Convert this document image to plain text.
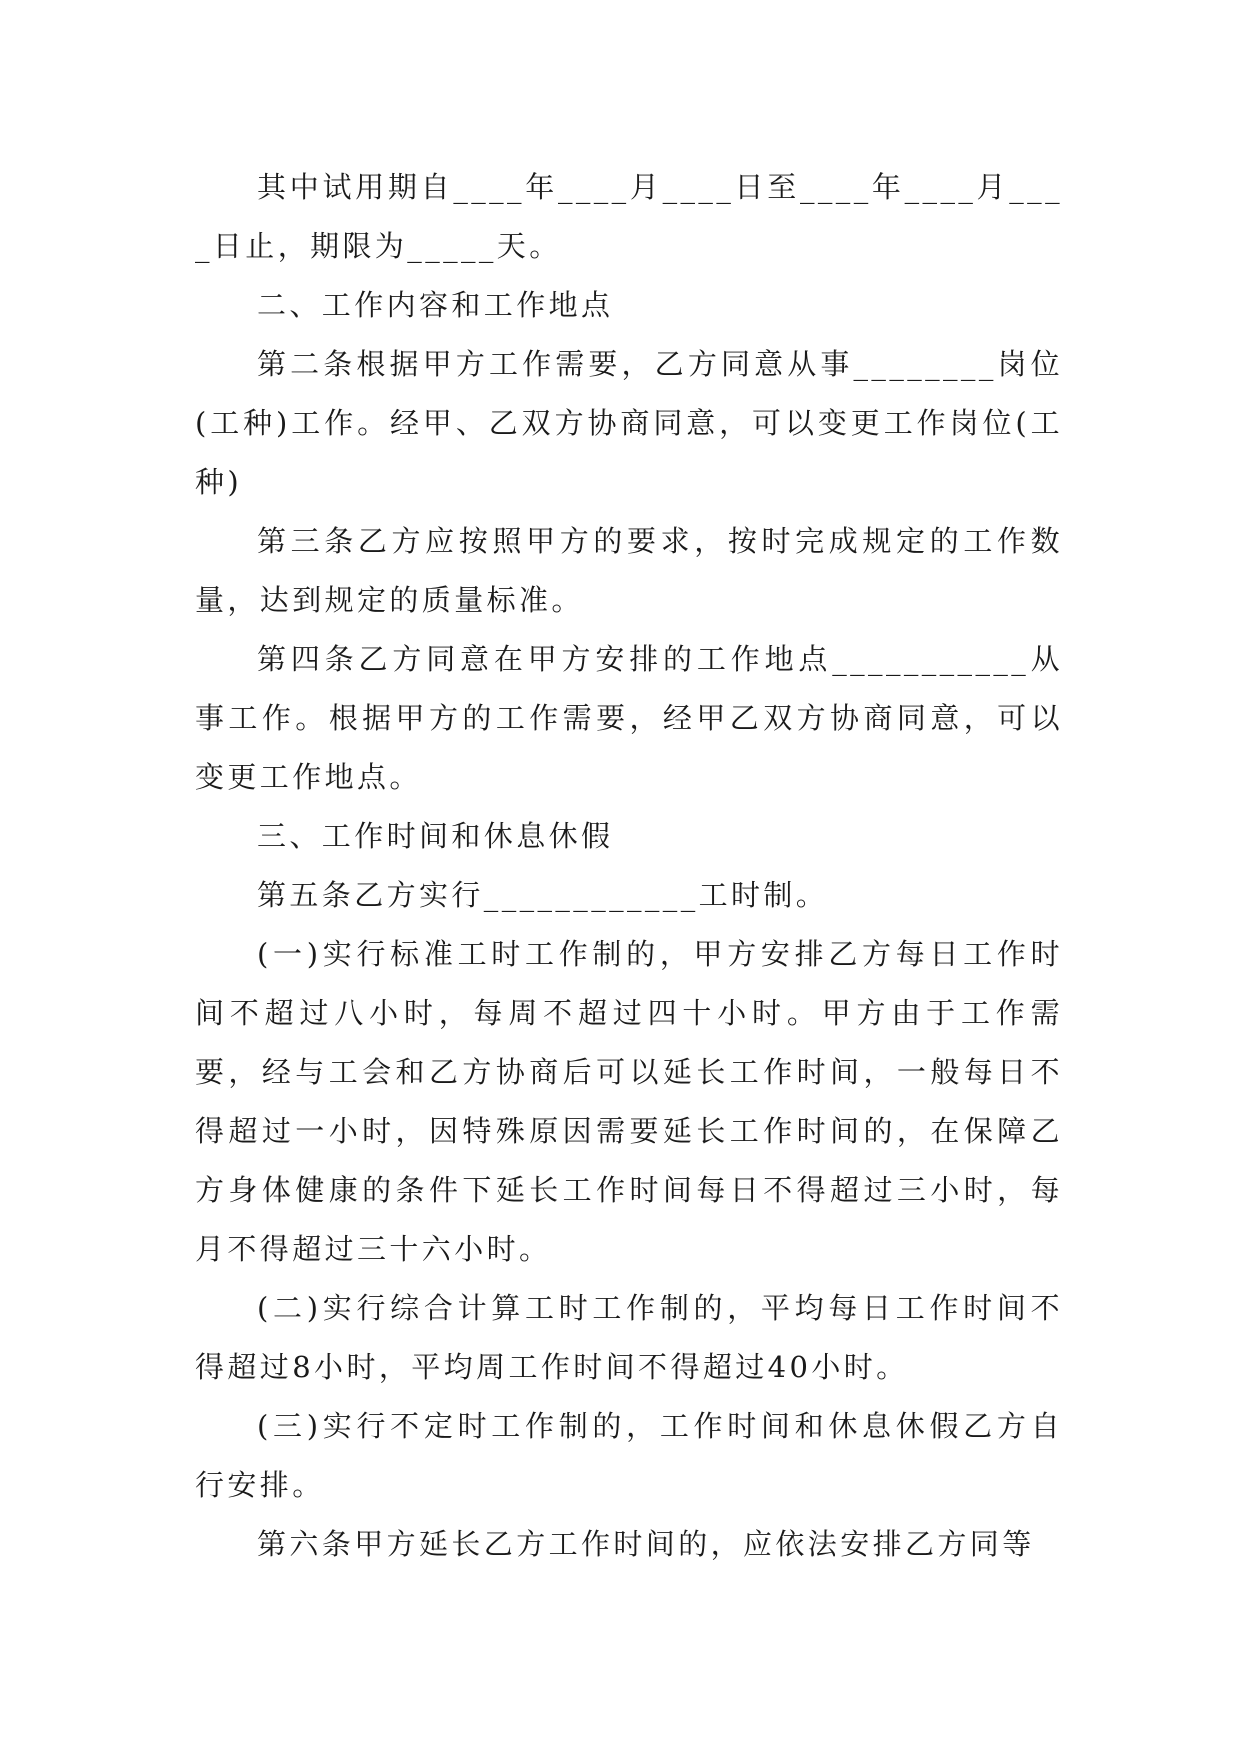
其中试用期自____年____月____日至____年____月____日止，期限为_____天。

二、工作内容和工作地点

第二条根据甲方工作需要，乙方同意从事________岗位(工种)工作。经甲、乙双方协商同意，可以变更工作岗位(工种)

第三条乙方应按照甲方的要求，按时完成规定的工作数量，达到规定的质量标准。

第四条乙方同意在甲方安排的工作地点___________从事工作。根据甲方的工作需要，经甲乙双方协商同意，可以变更工作地点。

三、工作时间和休息休假

第五条乙方实行____________工时制。

(一)实行标准工时工作制的，甲方安排乙方每日工作时间不超过八小时，每周不超过四十小时。甲方由于工作需要，经与工会和乙方协商后可以延长工作时间，一般每日不得超过一小时，因特殊原因需要延长工作时间的，在保障乙方身体健康的条件下延长工作时间每日不得超过三小时，每月不得超过三十六小时。

(二)实行综合计算工时工作制的，平均每日工作时间不得超过8小时，平均周工作时间不得超过40小时。

(三)实行不定时工作制的，工作时间和休息休假乙方自行安排。

第六条甲方延长乙方工作时间的，应依法安排乙方同等
